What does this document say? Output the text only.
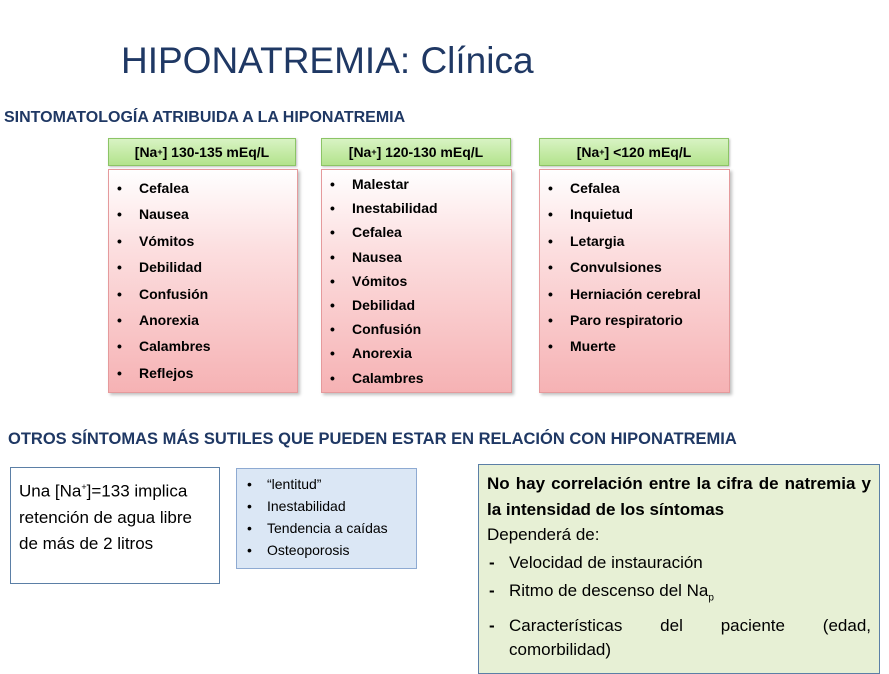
HIPONATREMIA: Clínica
SINTOMATOLOGÍA ATRIBUIDA A LA HIPONATREMIA
[Na + ] 130-135 mEq/L
• Cefalea
• Nausea
• Vómitos
• Debilidad
• Confusión
• Anorexia
• Calambres
• Reflejos
[Na + ] 120-130 mEq/L
• Malestar
• Inestabilidad
• Cefalea
• Nausea
• Vómitos
• Debilidad
• Confusión
• Anorexia
• Calambres
[Na + ] <120 mEq/L
• Cefalea
• Inquietud
• Letargia
• Convulsiones
• Herniación cerebral
• Paro respiratorio
• Muerte
OTROS SÍNTOMAS MÁS SUTILES QUE PUEDEN ESTAR EN RELACIÓN CON HIPONATREMIA
Una [Na+]=133 implica retención de agua libre de más de 2 litros
• “lentitud”
• Inestabilidad
• Tendencia a caídas
• Osteoporosis
No hay correlación entre la cifra de natremia y la intensidad de los síntomas
Dependerá de:
- Velocidad de instauración
- Ritmo de descenso del $Na_p$
- Características del paciente (edad, comorbilidad)
